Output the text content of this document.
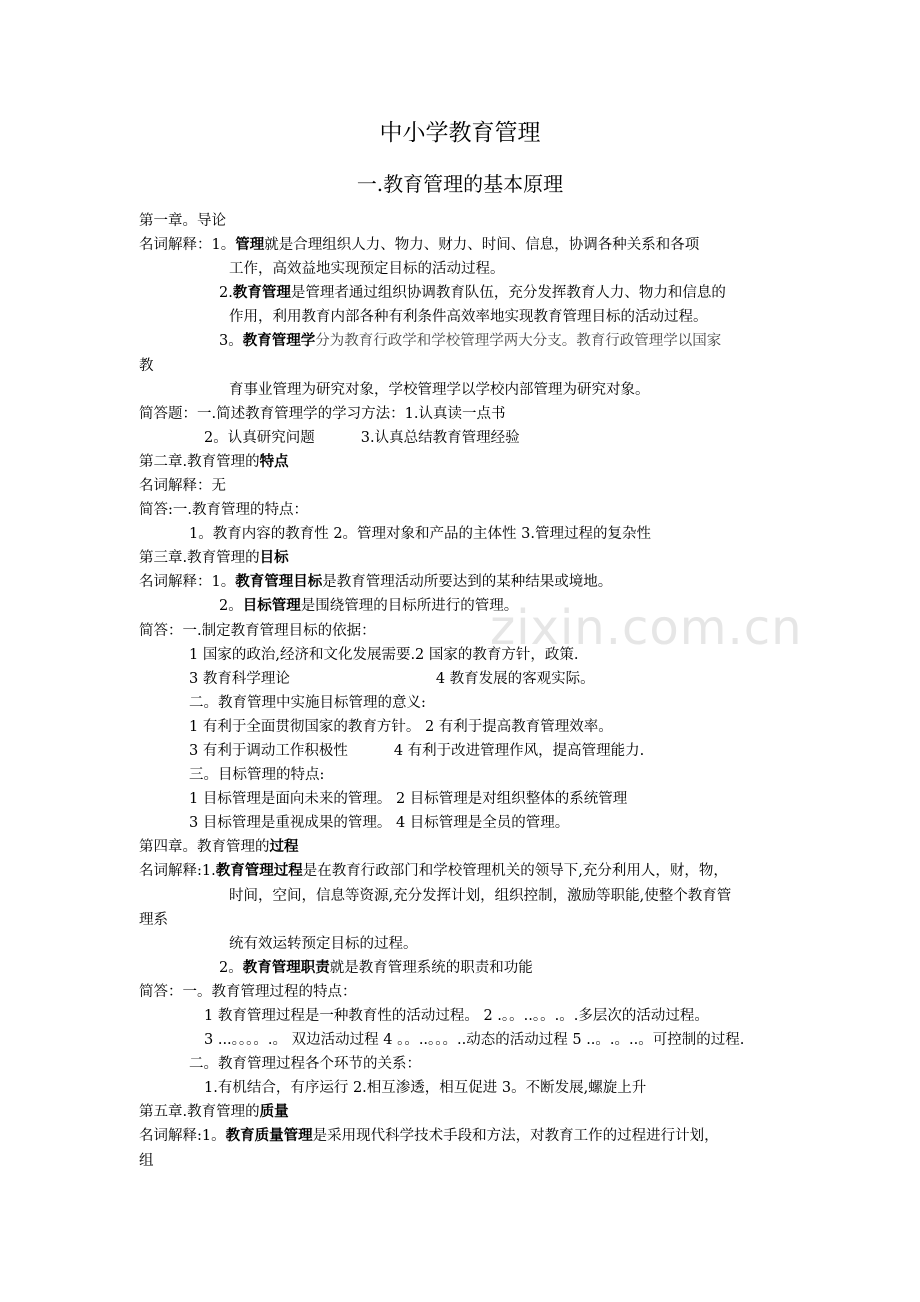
zixin.com.cn
中小学教育管理
一.教育管理的基本原理
第一章。导论
名词解释：1。管理就是合理组织人力、物力、财力、时间、信息，协调各种关系和各项
工作，高效益地实现预定目标的活动过程。
2.教育管理是管理者通过组织协调教育队伍，充分发挥教育人力、物力和信息的
作用，利用教育内部各种有利条件高效率地实现教育管理目标的活动过程。
3。教育管理学分为教育行政学和学校管理学两大分支。教育行政管理学以国家
教
育事业管理为研究对象，学校管理学以学校内部管理为研究对象。
简答题：一.简述教育管理学的学习方法：1.认真读一点书
2。认真研究问题	3.认真总结教育管理经验
第二章.教育管理的特点
名词解释：无
简答:一.教育管理的特点：
1。教育内容的教育性 2。管理对象和产品的主体性 3.管理过程的复杂性
第三章.教育管理的目标
名词解释：1。教育管理目标是教育管理活动所要达到的某种结果或境地。
2。目标管理是围绕管理的目标所进行的管理。
简答：一.制定教育管理目标的依据：
1 国家的政治,经济和文化发展需要.2 国家的教育方针，政策.
3 教育科学理论	4 教育发展的客观实际。
二。教育管理中实施目标管理的意义:
1 有利于全面贯彻国家的教育方针。 2 有利于提高教育管理效率。
3 有利于调动工作积极性	4 有利于改进管理作风，提高管理能力.
三。目标管理的特点:
1 目标管理是面向未来的管理。 2 目标管理是对组织整体的系统管理
3 目标管理是重视成果的管理。 4 目标管理是全员的管理。
第四章。教育管理的过程
名词解释:1.教育管理过程是在教育行政部门和学校管理机关的领导下,充分利用人，财，物，
时间，空间，信息等资源,充分发挥计划，组织控制，激励等职能,使整个教育管
理系
统有效运转预定目标的过程。
2。教育管理职责就是教育管理系统的职责和功能
简答：一。教育管理过程的特点：
1 教育管理过程是一种教育性的活动过程。 2 .。。..。。.。.多层次的活动过程。
3 ...。。。。.。 双边活动过程 4 。。..。。。..动态的活动过程 5 ..。.。..。可控制的过程.
二。教育管理过程各个环节的关系：
1.有机结合，有序运行 2.相互渗透，相互促进 3。不断发展,螺旋上升
第五章.教育管理的质量
名词解释:1。教育质量管理是采用现代科学技术手段和方法，对教育工作的过程进行计划，
组
